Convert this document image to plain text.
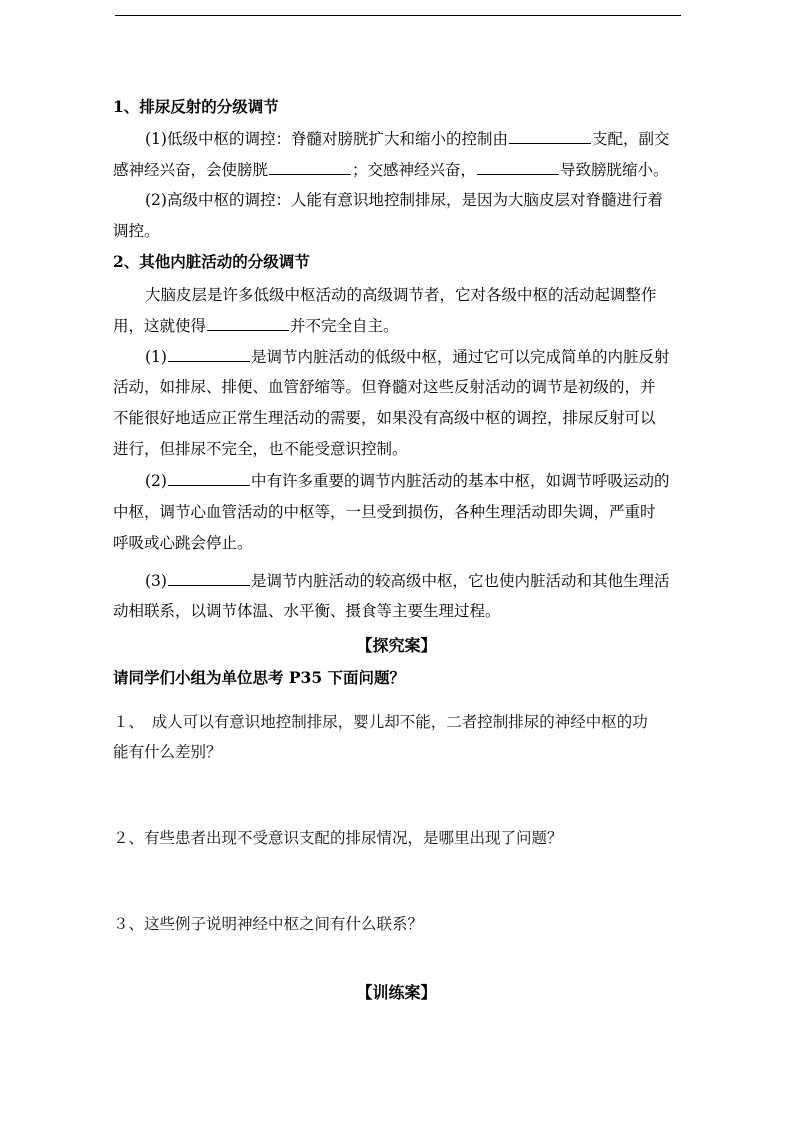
1、排尿反射的分级调节
(1)低级中枢的调控：脊髓对膀胱扩大和缩小的控制由	支配，副交
感神经兴奋，会使膀胱	；交感神经兴奋，	导致膀胱缩小。
(2)高级中枢的调控：人能有意识地控制排尿，是因为大脑皮层对脊髓进行着
调控。
2、其他内脏活动的分级调节
大脑皮层是许多低级中枢活动的高级调节者，它对各级中枢的活动起调整作
用，这就使得	并不完全自主。
(1)	是调节内脏活动的低级中枢，通过它可以完成简单的内脏反射
活动，如排尿、排便、血管舒缩等。但脊髓对这些反射活动的调节是初级的，并
不能很好地适应正常生理活动的需要，如果没有高级中枢的调控，排尿反射可以
进行，但排尿不完全，也不能受意识控制。
(2)	中有许多重要的调节内脏活动的基本中枢，如调节呼吸运动的
中枢，调节心血管活动的中枢等，一旦受到损伤，各种生理活动即失调，严重时
呼吸或心跳会停止。
(3)	是调节内脏活动的较高级中枢，它也使内脏活动和其他生理活
动相联系，以调节体温、水平衡、摄食等主要生理过程。
【探究案】
请同学们小组为单位思考 P35 下面问题？
１、　成人可以有意识地控制排尿，婴儿却不能，二者控制排尿的神经中枢的功
能有什么差别？
２、有些患者出现不受意识支配的排尿情况，是哪里出现了问题？
３、这些例子说明神经中枢之间有什么联系？
【训练案】
